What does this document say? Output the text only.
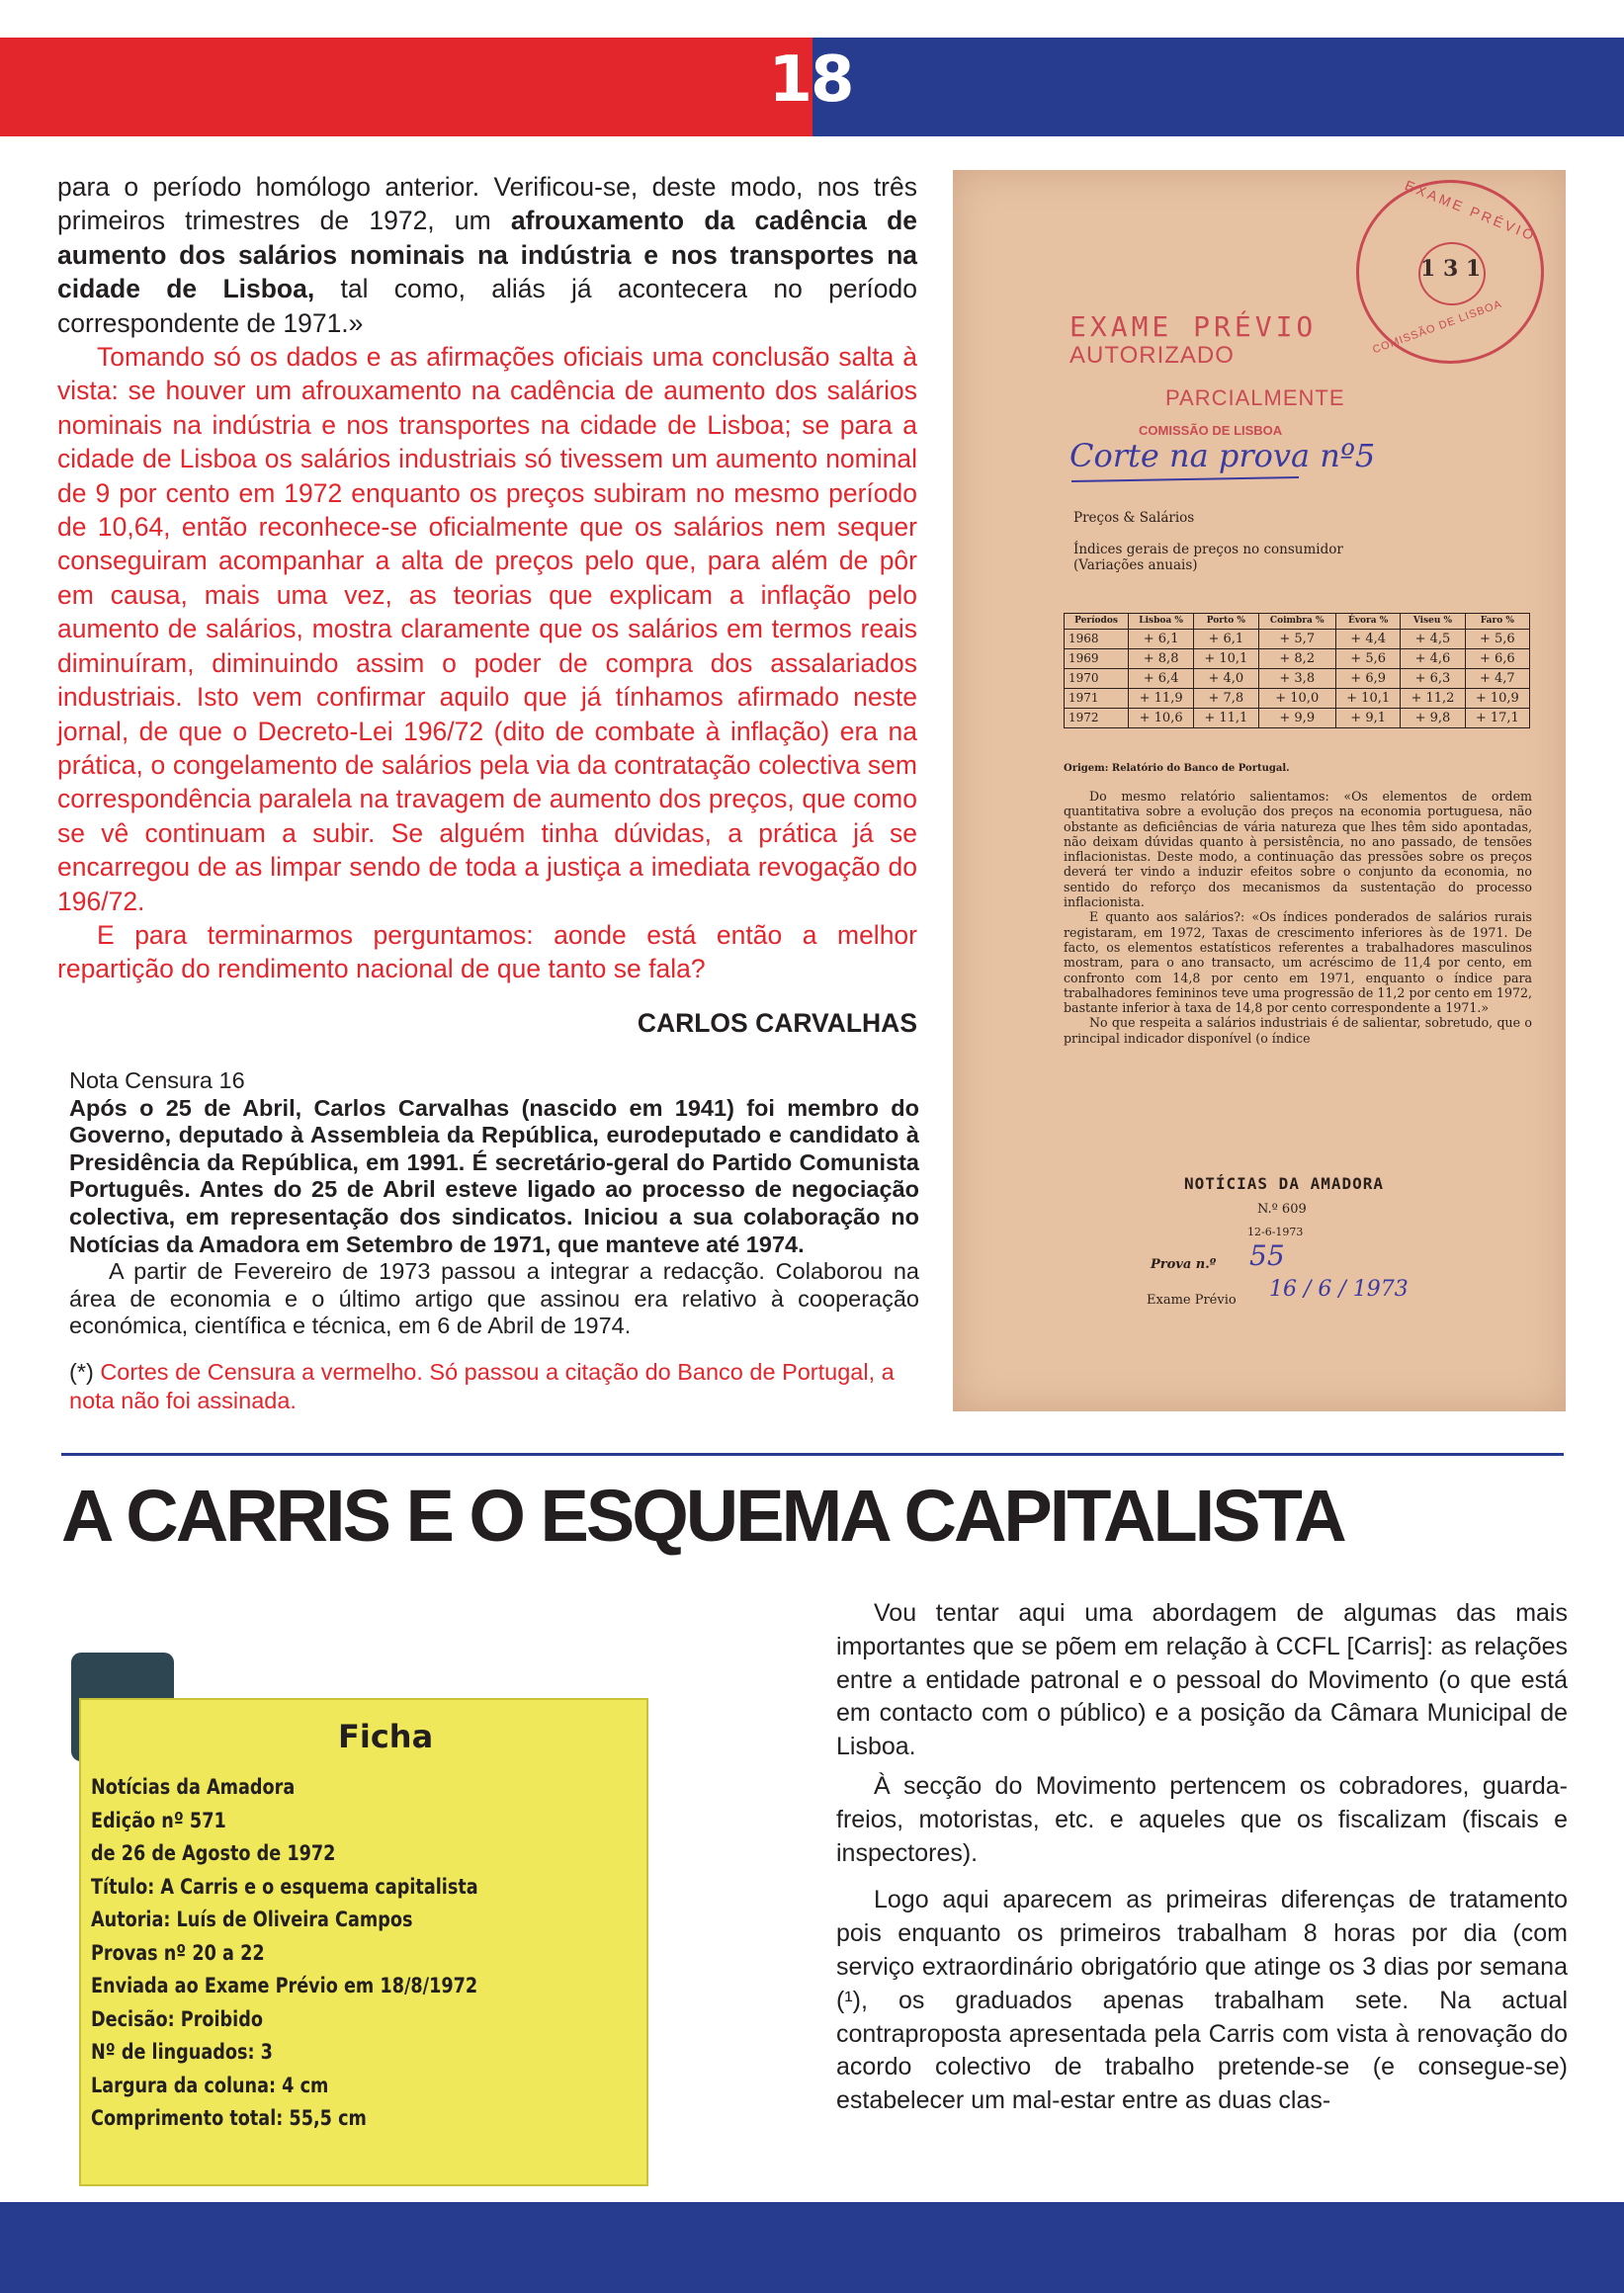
18

para o período homólogo anterior. Verificou-se, deste modo, nos três primeiros trimestres de 1972, um afrouxamento da cadência de aumento dos salários nominais na indústria e nos transportes na cidade de Lisboa, tal como, aliás já acontecera no período correspondente de 1971.»

Tomando só os dados e as afirmações oficiais uma conclusão salta à vista: se houver um afrouxamento na cadência de aumento dos salários nominais na indústria e nos transportes na cidade de Lisboa; se para a cidade de Lisboa os salários industriais só tivessem um aumento nominal de 9 por cento em 1972 enquanto os preços subiram no mesmo período de 10,64, então reconhece-se oficialmente que os salários nem sequer conseguiram acompanhar a alta de preços pelo que, para além de pôr em causa, mais uma vez, as teorias que explicam a inflação pelo aumento de salários, mostra claramente que os salários em termos reais diminuíram, diminuindo assim o poder de compra dos assalariados industriais. Isto vem confirmar aquilo que já tínhamos afirmado neste jornal, de que o Decreto-Lei 196/72 (dito de combate à inflação) era na prática, o congelamento de salários pela via da contratação colectiva sem correspondência paralela na travagem de aumento dos preços, que como se vê continuam a subir. Se alguém tinha dúvidas, a prática já se encarregou de as limpar sendo de toda a justiça a imediata revogação do 196/72.

E para terminarmos perguntamos: aonde está então a melhor repartição do rendimento nacional de que tanto se fala?

CARLOS CARVALHAS

Nota Censura 16

Após o 25 de Abril, Carlos Carvalhas (nascido em 1941) foi membro do Governo, deputado à Assembleia da República, eurodeputado e candidato à Presidência da República, em 1991. É secretário-geral do Partido Comunista Português. Antes do 25 de Abril esteve ligado ao processo de negociação colectiva, em representação dos sindicatos. Iniciou a sua colaboração no Notícias da Amadora em Setembro de 1971, que manteve até 1974.

A partir de Fevereiro de 1973 passou a integrar a redacção. Colaborou na área de economia e o último artigo que assinou era relativo à cooperação económica, científica e técnica, em 6 de Abril de 1974.

(*) Cortes de Censura a vermelho. Só passou a citação do Banco de Portugal, a nota não foi assinada.
EXAME PRÉVIO
COMISSÃO DE LISBOA
1 3 1
EXAME PRÉVIO
AUTORIZADO
PARCIALMENTE
COMISSÃO DE LISBOA
Corte na prova nº5
Preços & Salários
Índices gerais de preços no consumidor
(Variações anuais)
Períodos	Lisboa %	Porto %	Coimbra %	Évora %	Viseu %	Faro %
1968	+ 6,1	+ 6,1	+ 5,7	+ 4,4	+ 4,5	+ 5,6
1969	+ 8,8	+ 10,1	+ 8,2	+ 5,6	+ 4,6	+ 6,6
1970	+ 6,4	+ 4,0	+ 3,8	+ 6,9	+ 6,3	+ 4,7
1971	+ 11,9	+ 7,8	+ 10,0	+ 10,1	+ 11,2	+ 10,9
1972	+ 10,6	+ 11,1	+ 9,9	+ 9,1	+ 9,8	+ 17,1
Origem: Relatório do Banco de Portugal.

Do mesmo relatório salientamos: «Os elementos de ordem quantitativa sobre a evolução dos preços na economia portuguesa, não obstante as deficiências de vária natureza que lhes têm sido apontadas, não deixam dúvidas quanto à persistência, no ano passado, de tensões inflacionistas. Deste modo, a continuação das pressões sobre os preços deverá ter vindo a induzir efeitos sobre o conjunto da economia, no sentido do reforço dos mecanismos da sustentação do processo inflacionista.

E quanto aos salários?: «Os índices ponderados de salários rurais registaram, em 1972, Taxas de crescimento inferiores às de 1971. De facto, os elementos estatísticos referentes a trabalhadores masculinos mostram, para o ano transacto, um acréscimo de 11,4 por cento, em confronto com 14,8 por cento em 1971, enquanto o índice para trabalhadores femininos teve uma progressão de 11,2 por cento em 1972, bastante inferior à taxa de 14,8 por cento correspondente a 1971.»

No que respeita a salários industriais é de salientar, sobretudo, que o principal indicador disponível (o índice

NOTÍCIAS DA AMADORA
N.º 609
12-6-1973
Prova n.º 55
Exame Prévio 16 / 6 / 1973
A CARRIS E O ESQUEMA CAPITALISTA
Ficha
Notícias da Amadora
Edição nº 571
de 26 de Agosto de 1972
Título: A Carris e o esquema capitalista
Autoria: Luís de Oliveira Campos
Provas nº 20 a 22
Enviada ao Exame Prévio em 18/8/1972
Decisão: Proibido
Nº de linguados: 3
Largura da coluna: 4 cm
Comprimento total: 55,5 cm

Vou tentar aqui uma abordagem de algumas das mais importantes que se põem em relação à CCFL [Carris]: as relações entre a entidade patronal e o pessoal do Movimento (o que está em contacto com o público) e a posição da Câmara Municipal de Lisboa.

À secção do Movimento pertencem os cobradores, guarda-freios, motoristas, etc. e aqueles que os fiscalizam (fiscais e inspectores).

Logo aqui aparecem as primeiras diferenças de tratamento pois enquanto os primeiros trabalham 8 horas por dia (com serviço extraordinário obrigatório que atinge os 3 dias por semana (¹), os graduados apenas trabalham sete. Na actual contraproposta apresentada pela Carris com vista à renovação do acordo colectivo de trabalho pretende-se (e consegue-se) estabelecer um mal-estar entre as duas clas-
